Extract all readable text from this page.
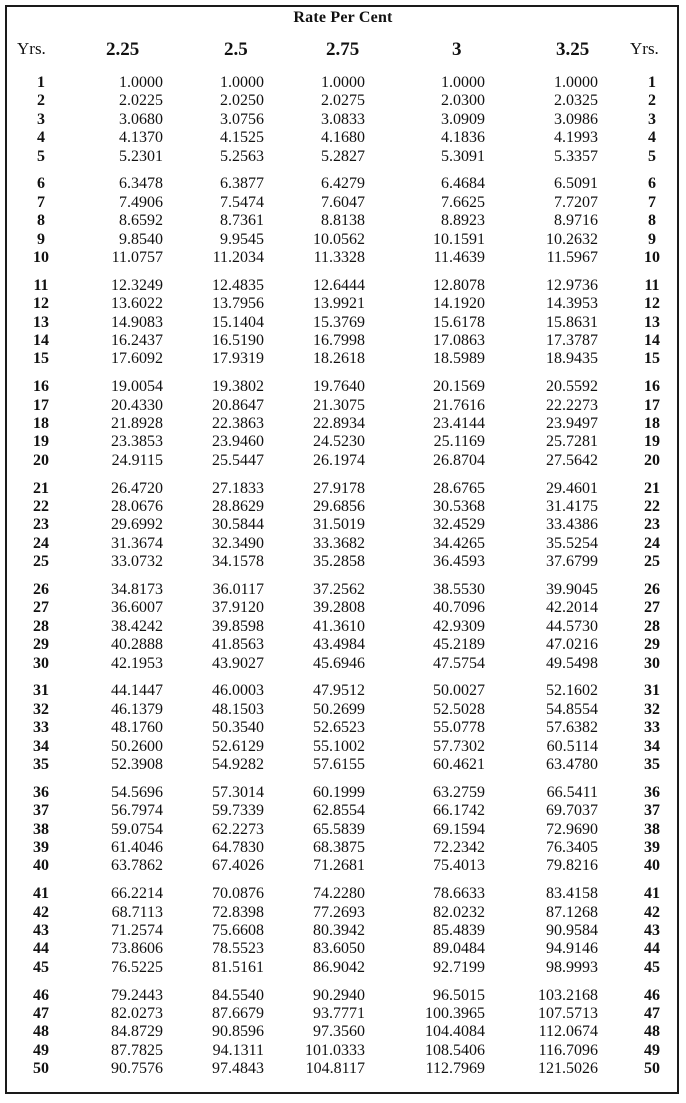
Rate Per Cent
Yrs.	2.25	2.5	2.75	3	3.25 Yrs.
1	1.0000	1.0000	1.0000	1.0000	1.0000	1
2	2.0225	2.0250	2.0275	2.0300	2.0325	2
3	3.0680	3.0756	3.0833	3.0909	3.0986	3
4	4.1370	4.1525	4.1680	4.1836	4.1993	4
5	5.2301	5.2563	5.2827	5.3091	5.3357	5
6	6.3478	6.3877	6.4279	6.4684	6.5091	6
7	7.4906	7.5474	7.6047	7.6625	7.7207	7
8	8.6592	8.7361	8.8138	8.8923	8.9716	8
9	9.8540	9.9545	10.0562	10.1591	10.2632	9
10	11.0757	11.2034	11.3328	11.4639	11.5967	10
11	12.3249	12.4835	12.6444	12.8078	12.9736	11
12	13.6022	13.7956	13.9921	14.1920	14.3953	12
13	14.9083	15.1404	15.3769	15.6178	15.8631	13
14	16.2437	16.5190	16.7998	17.0863	17.3787	14
15	17.6092	17.9319	18.2618	18.5989	18.9435	15
16	19.0054	19.3802	19.7640	20.1569	20.5592	16
17	20.4330	20.8647	21.3075	21.7616	22.2273	17
18	21.8928	22.3863	22.8934	23.4144	23.9497	18
19	23.3853	23.9460	24.5230	25.1169	25.7281	19
20	24.9115	25.5447	26.1974	26.8704	27.5642	20
21	26.4720	27.1833	27.9178	28.6765	29.4601	21
22	28.0676	28.8629	29.6856	30.5368	31.4175	22
23	29.6992	30.5844	31.5019	32.4529	33.4386	23
24	31.3674	32.3490	33.3682	34.4265	35.5254	24
25	33.0732	34.1578	35.2858	36.4593	37.6799	25
26	34.8173	36.0117	37.2562	38.5530	39.9045	26
27	36.6007	37.9120	39.2808	40.7096	42.2014	27
28	38.4242	39.8598	41.3610	42.9309	44.5730	28
29	40.2888	41.8563	43.4984	45.2189	47.0216	29
30	42.1953	43.9027	45.6946	47.5754	49.5498	30
31	44.1447	46.0003	47.9512	50.0027	52.1602	31
32	46.1379	48.1503	50.2699	52.5028	54.8554	32
33	48.1760	50.3540	52.6523	55.0778	57.6382	33
34	50.2600	52.6129	55.1002	57.7302	60.5114	34
35	52.3908	54.9282	57.6155	60.4621	63.4780	35
36	54.5696	57.3014	60.1999	63.2759	66.5411	36
37	56.7974	59.7339	62.8554	66.1742	69.7037	37
38	59.0754	62.2273	65.5839	69.1594	72.9690	38
39	61.4046	64.7830	68.3875	72.2342	76.3405	39
40	63.7862	67.4026	71.2681	75.4013	79.8216	40
41	66.2214	70.0876	74.2280	78.6633	83.4158	41
42	68.7113	72.8398	77.2693	82.0232	87.1268	42
43	71.2574	75.6608	80.3942	85.4839	90.9584	43
44	73.8606	78.5523	83.6050	89.0484	94.9146	44
45	76.5225	81.5161	86.9042	92.7199	98.9993	45
46	79.2443	84.5540	90.2940	96.5015	103.2168	46
47	82.0273	87.6679	93.7771	100.3965	107.5713	47
48	84.8729	90.8596	97.3560	104.4084	112.0674	48
49	87.7825	94.1311	101.0333	108.5406	116.7096	49
50	90.7576	97.4843	104.8117	112.7969	121.5026	50
